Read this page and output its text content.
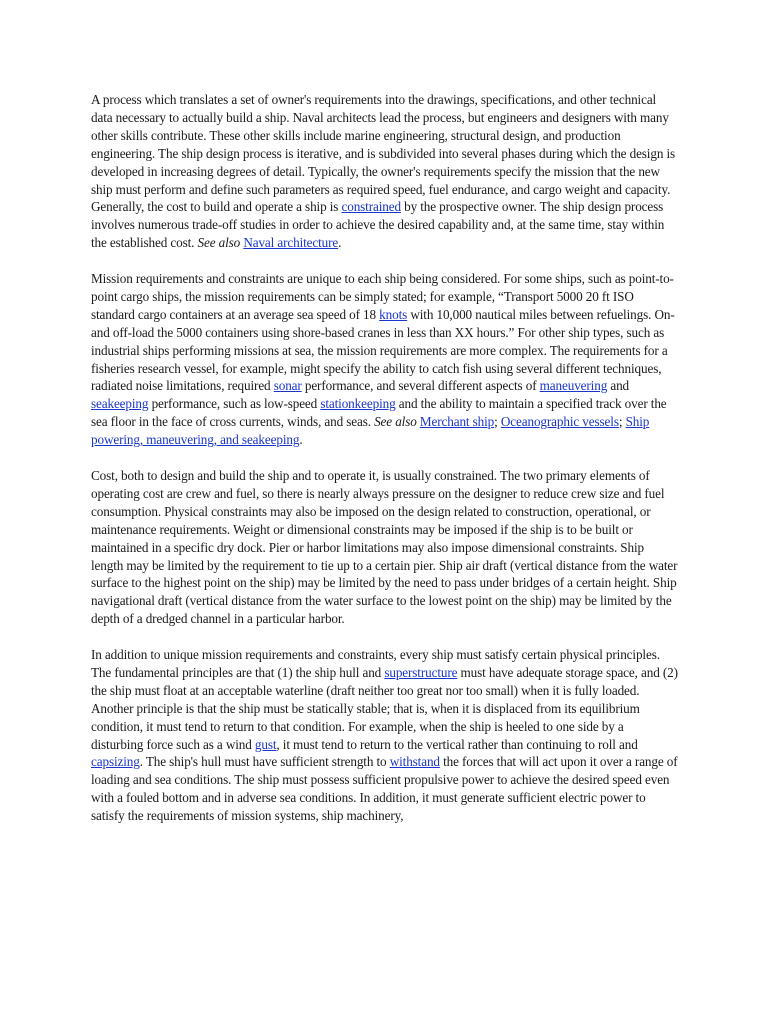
A process which translates a set of owner's requirements into the drawings, specifications, and other technical data necessary to actually build a ship. Naval architects lead the process, but engineers and designers with many other skills contribute. These other skills include marine engineering, structural design, and production engineering. The ship design process is iterative, and is subdivided into several phases during which the design is developed in increasing degrees of detail. Typically, the owner's requirements specify the mission that the new ship must perform and define such parameters as required speed, fuel endurance, and cargo weight and capacity. Generally, the cost to build and operate a ship is constrained by the prospective owner. The ship design process involves numerous trade-off studies in order to achieve the desired capability and, at the same time, stay within the established cost. See also Naval architecture.

Mission requirements and constraints are unique to each ship being considered. For some ships, such as point-to-point cargo ships, the mission requirements can be simply stated; for example, “Transport 5000 20 ft ISO standard cargo containers at an average sea speed of 18 knots with 10,000 nautical miles between refuelings. On- and off-load the 5000 containers using shore-based cranes in less than XX hours.” For other ship types, such as industrial ships performing missions at sea, the mission requirements are more complex. The requirements for a fisheries research vessel, for example, might specify the ability to catch fish using several different techniques, radiated noise limitations, required sonar performance, and several different aspects of maneuvering and seakeeping performance, such as low-speed stationkeeping and the ability to maintain a specified track over the sea floor in the face of cross currents, winds, and seas. See also Merchant ship; Oceanographic vessels; Ship powering, maneuvering, and seakeeping.

Cost, both to design and build the ship and to operate it, is usually constrained. The two primary elements of operating cost are crew and fuel, so there is nearly always pressure on the designer to reduce crew size and fuel consumption. Physical constraints may also be imposed on the design related to construction, operational, or maintenance requirements. Weight or dimensional constraints may be imposed if the ship is to be built or maintained in a specific dry dock. Pier or harbor limitations may also impose dimensional constraints. Ship length may be limited by the requirement to tie up to a certain pier. Ship air draft (vertical distance from the water surface to the highest point on the ship) may be limited by the need to pass under bridges of a certain height. Ship navigational draft (vertical distance from the water surface to the lowest point on the ship) may be limited by the depth of a dredged channel in a particular harbor.

In addition to unique mission requirements and constraints, every ship must satisfy certain physical principles. The fundamental principles are that (1) the ship hull and superstructure must have adequate storage space, and (2) the ship must float at an acceptable waterline (draft neither too great nor too small) when it is fully loaded. Another principle is that the ship must be statically stable; that is, when it is displaced from its equilibrium condition, it must tend to return to that condition. For example, when the ship is heeled to one side by a disturbing force such as a wind gust, it must tend to return to the vertical rather than continuing to roll and capsizing. The ship's hull must have sufficient strength to withstand the forces that will act upon it over a range of loading and sea conditions. The ship must possess sufficient propulsive power to achieve the desired speed even with a fouled bottom and in adverse sea conditions. In addition, it must generate sufficient electric power to satisfy the requirements of mission systems, ship machinery,
